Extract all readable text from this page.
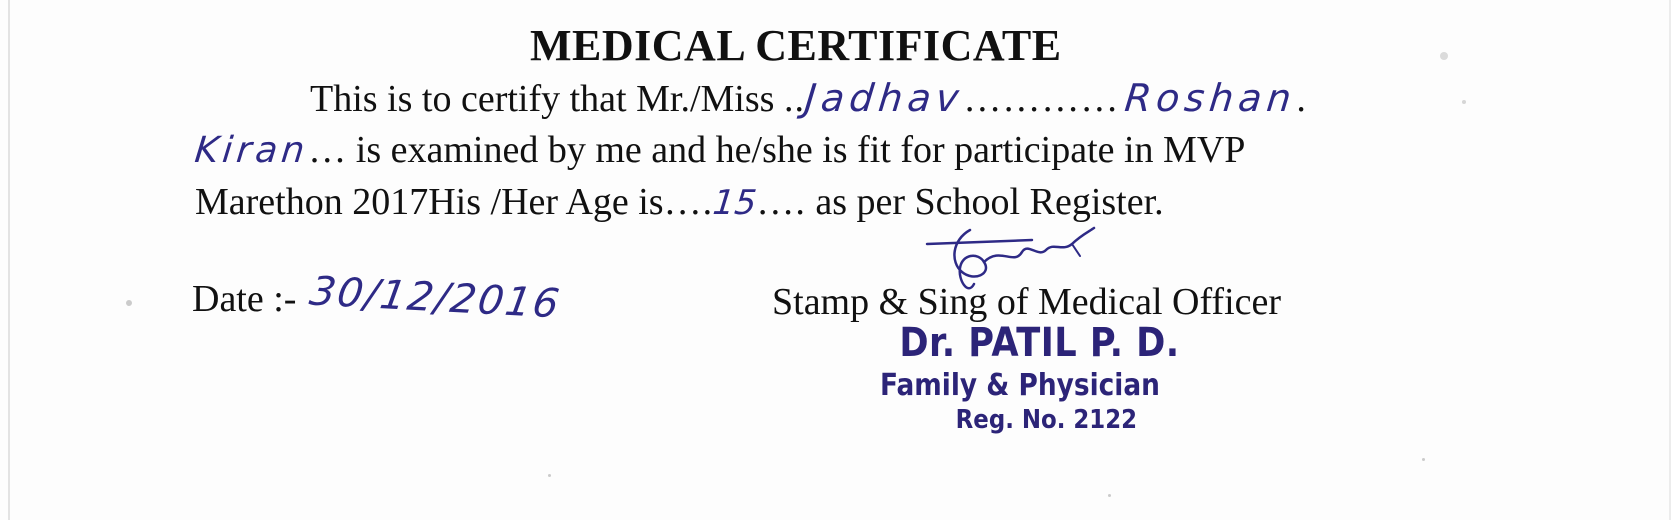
MEDICAL CERTIFICATE
This is to certify that Mr./Miss ..Jadhav…………Roshan.
Kiran… is examined by me and he/she is fit for participate in MVP
Marethon 2017His /Her Age is….15…. as per School Register.
Date :- 30/12/2016	Stamp & Sing of Medical Officer
Dr. PATIL P. D.
Family & Physician
Reg. No. 2122
